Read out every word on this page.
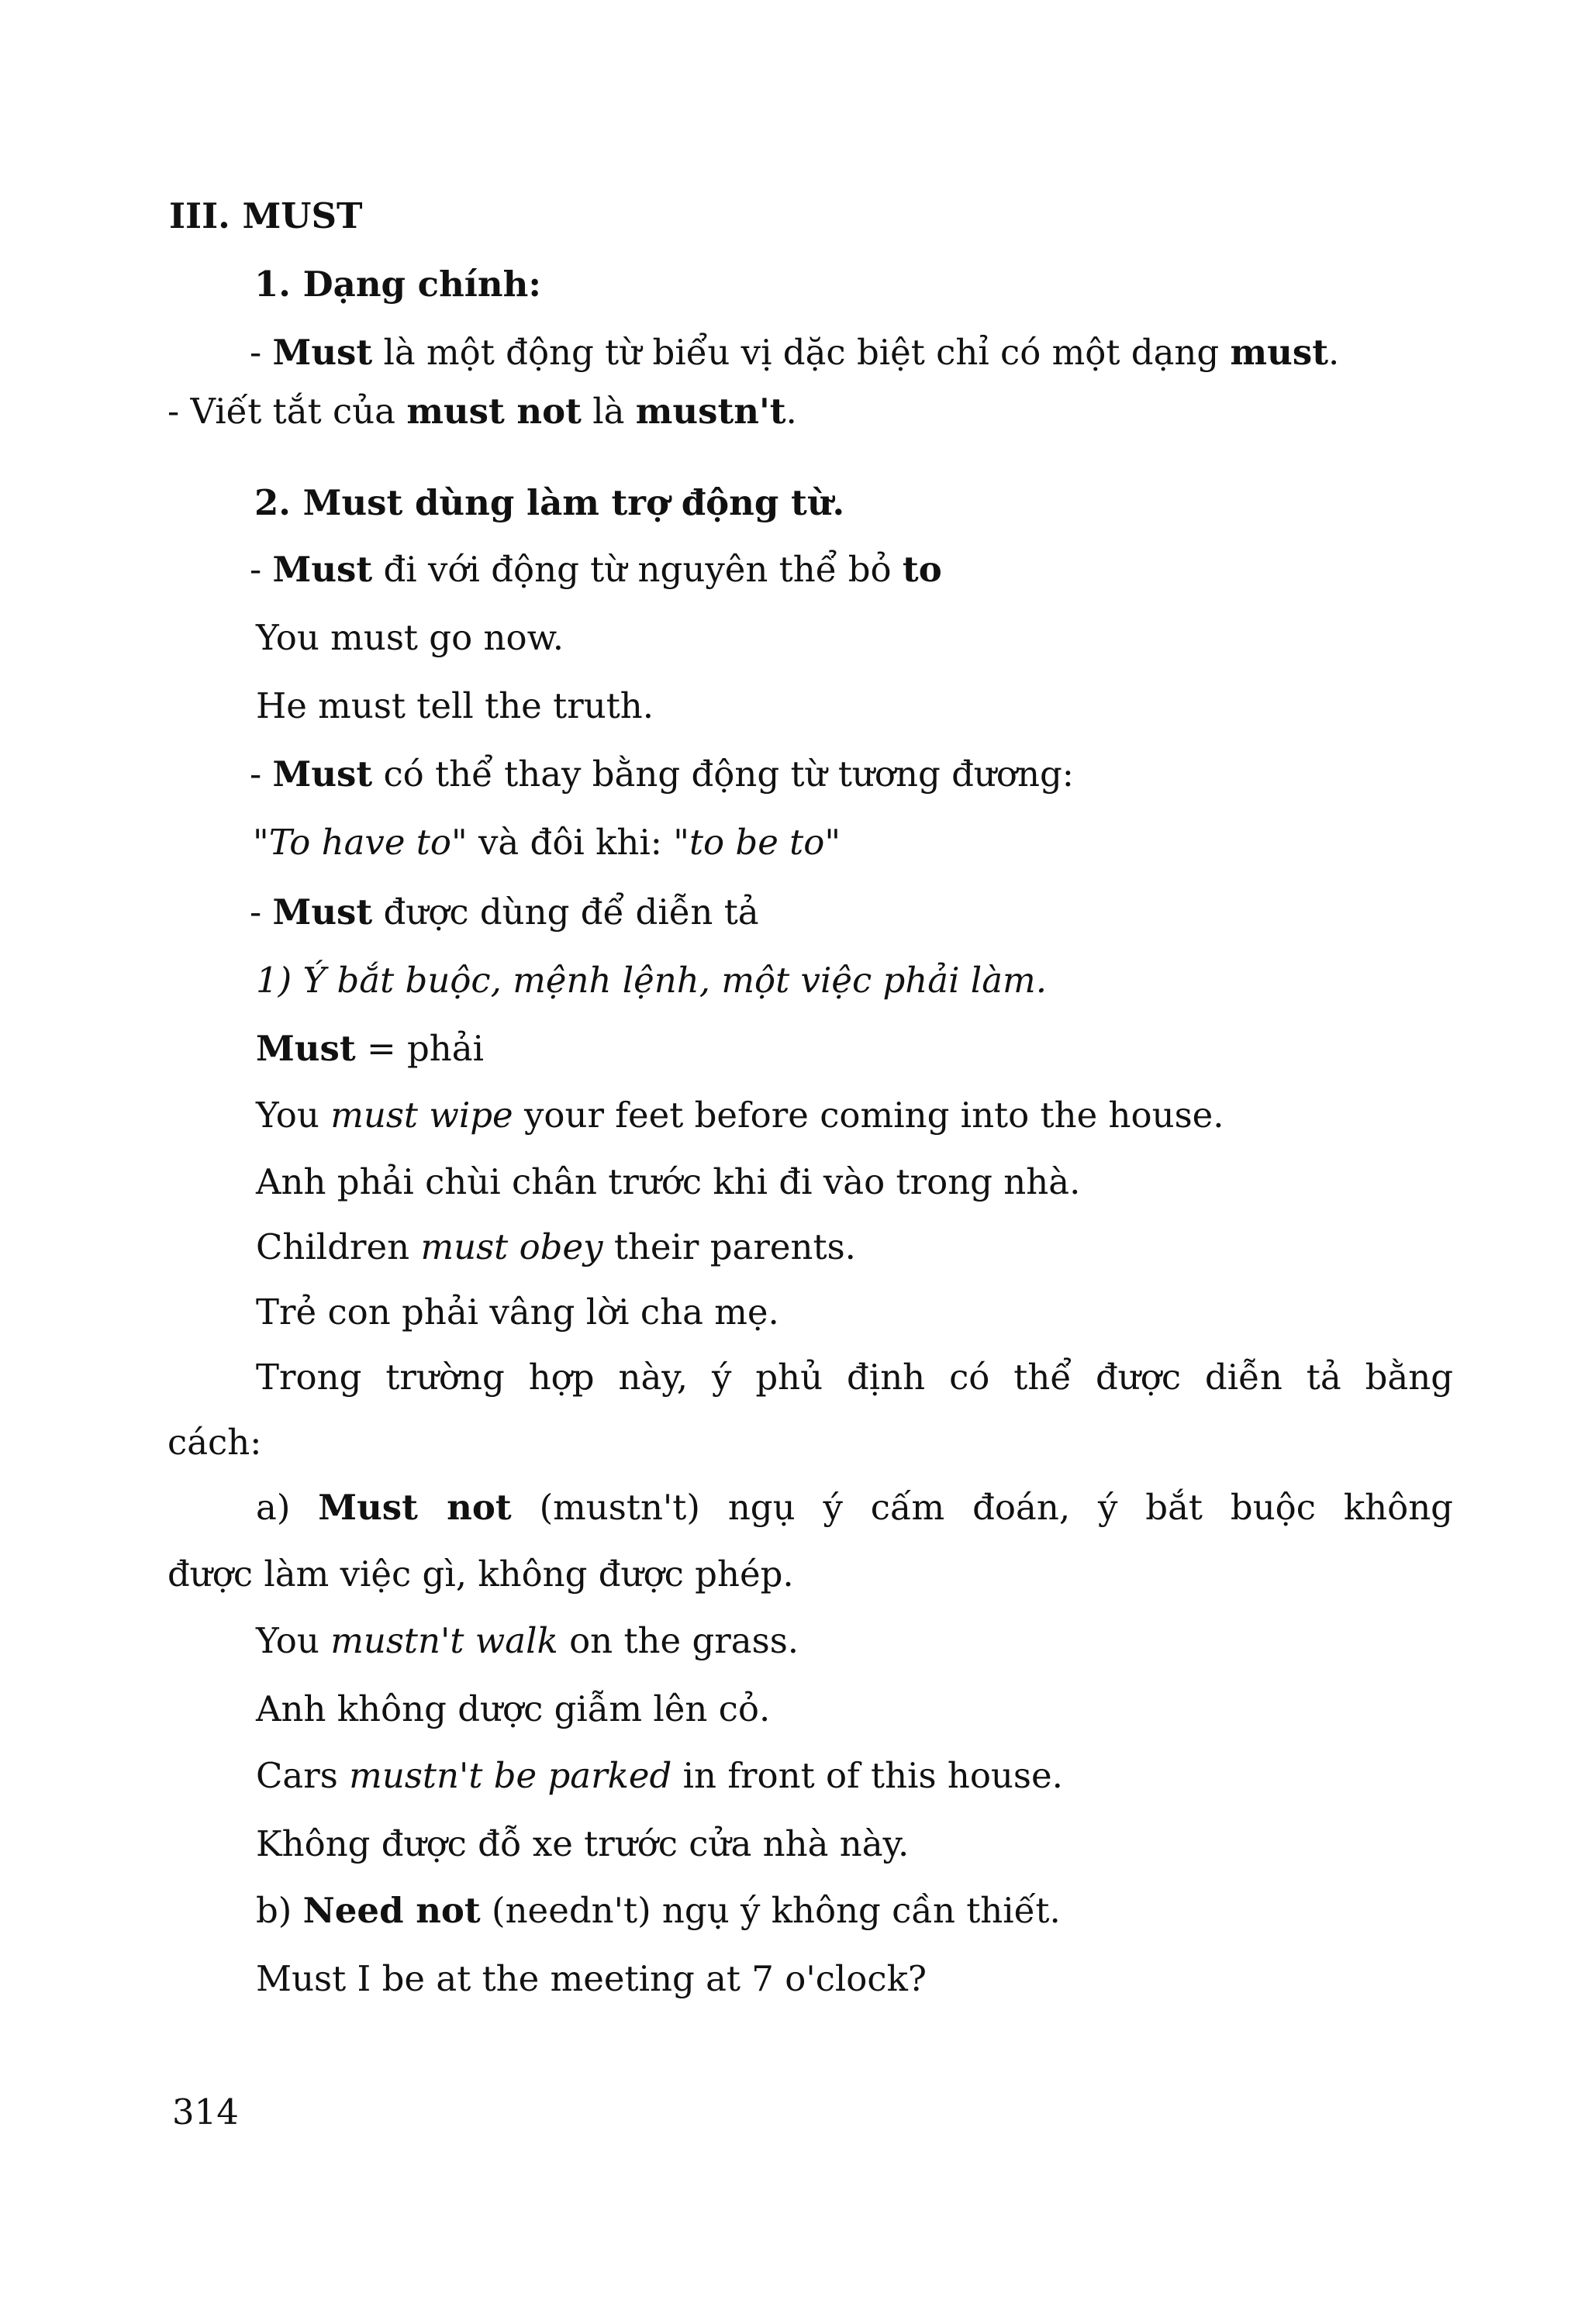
III. MUST
1. Dạng chính:
- Must là một động từ biểu vị dặc biệt chỉ có một dạng must.
- Viết tắt của must not là mustn't.
2. Must dùng làm trợ động từ.
- Must đi với động từ nguyên thể bỏ to
You must go now.
He must tell the truth.
- Must có thể thay bằng động từ tương đương:
"To have to" và đôi khi: "to be to"
- Must được dùng để diễn tả
1) Ý bắt buộc, mệnh lệnh, một việc phải làm.
Must = phải
You must wipe your feet before coming into the house.
Anh phải chùi chân trước khi đi vào trong nhà.
Children must obey their parents.
Trẻ con phải vâng lời cha mẹ.
Trong trường hợp này, ý phủ định có thể được diễn tả bằng
cách:
a) Must not (mustn't) ngụ ý cấm đoán, ý bắt buộc không
được làm việc gì, không được phép.
You mustn't walk on the grass.
Anh không dược giẫm lên cỏ.
Cars mustn't be parked in front of this house.
Không được đỗ xe trước cửa nhà này.
b) Need not (needn't) ngụ ý không cần thiết.
Must I be at the meeting at 7 o'clock?
314
